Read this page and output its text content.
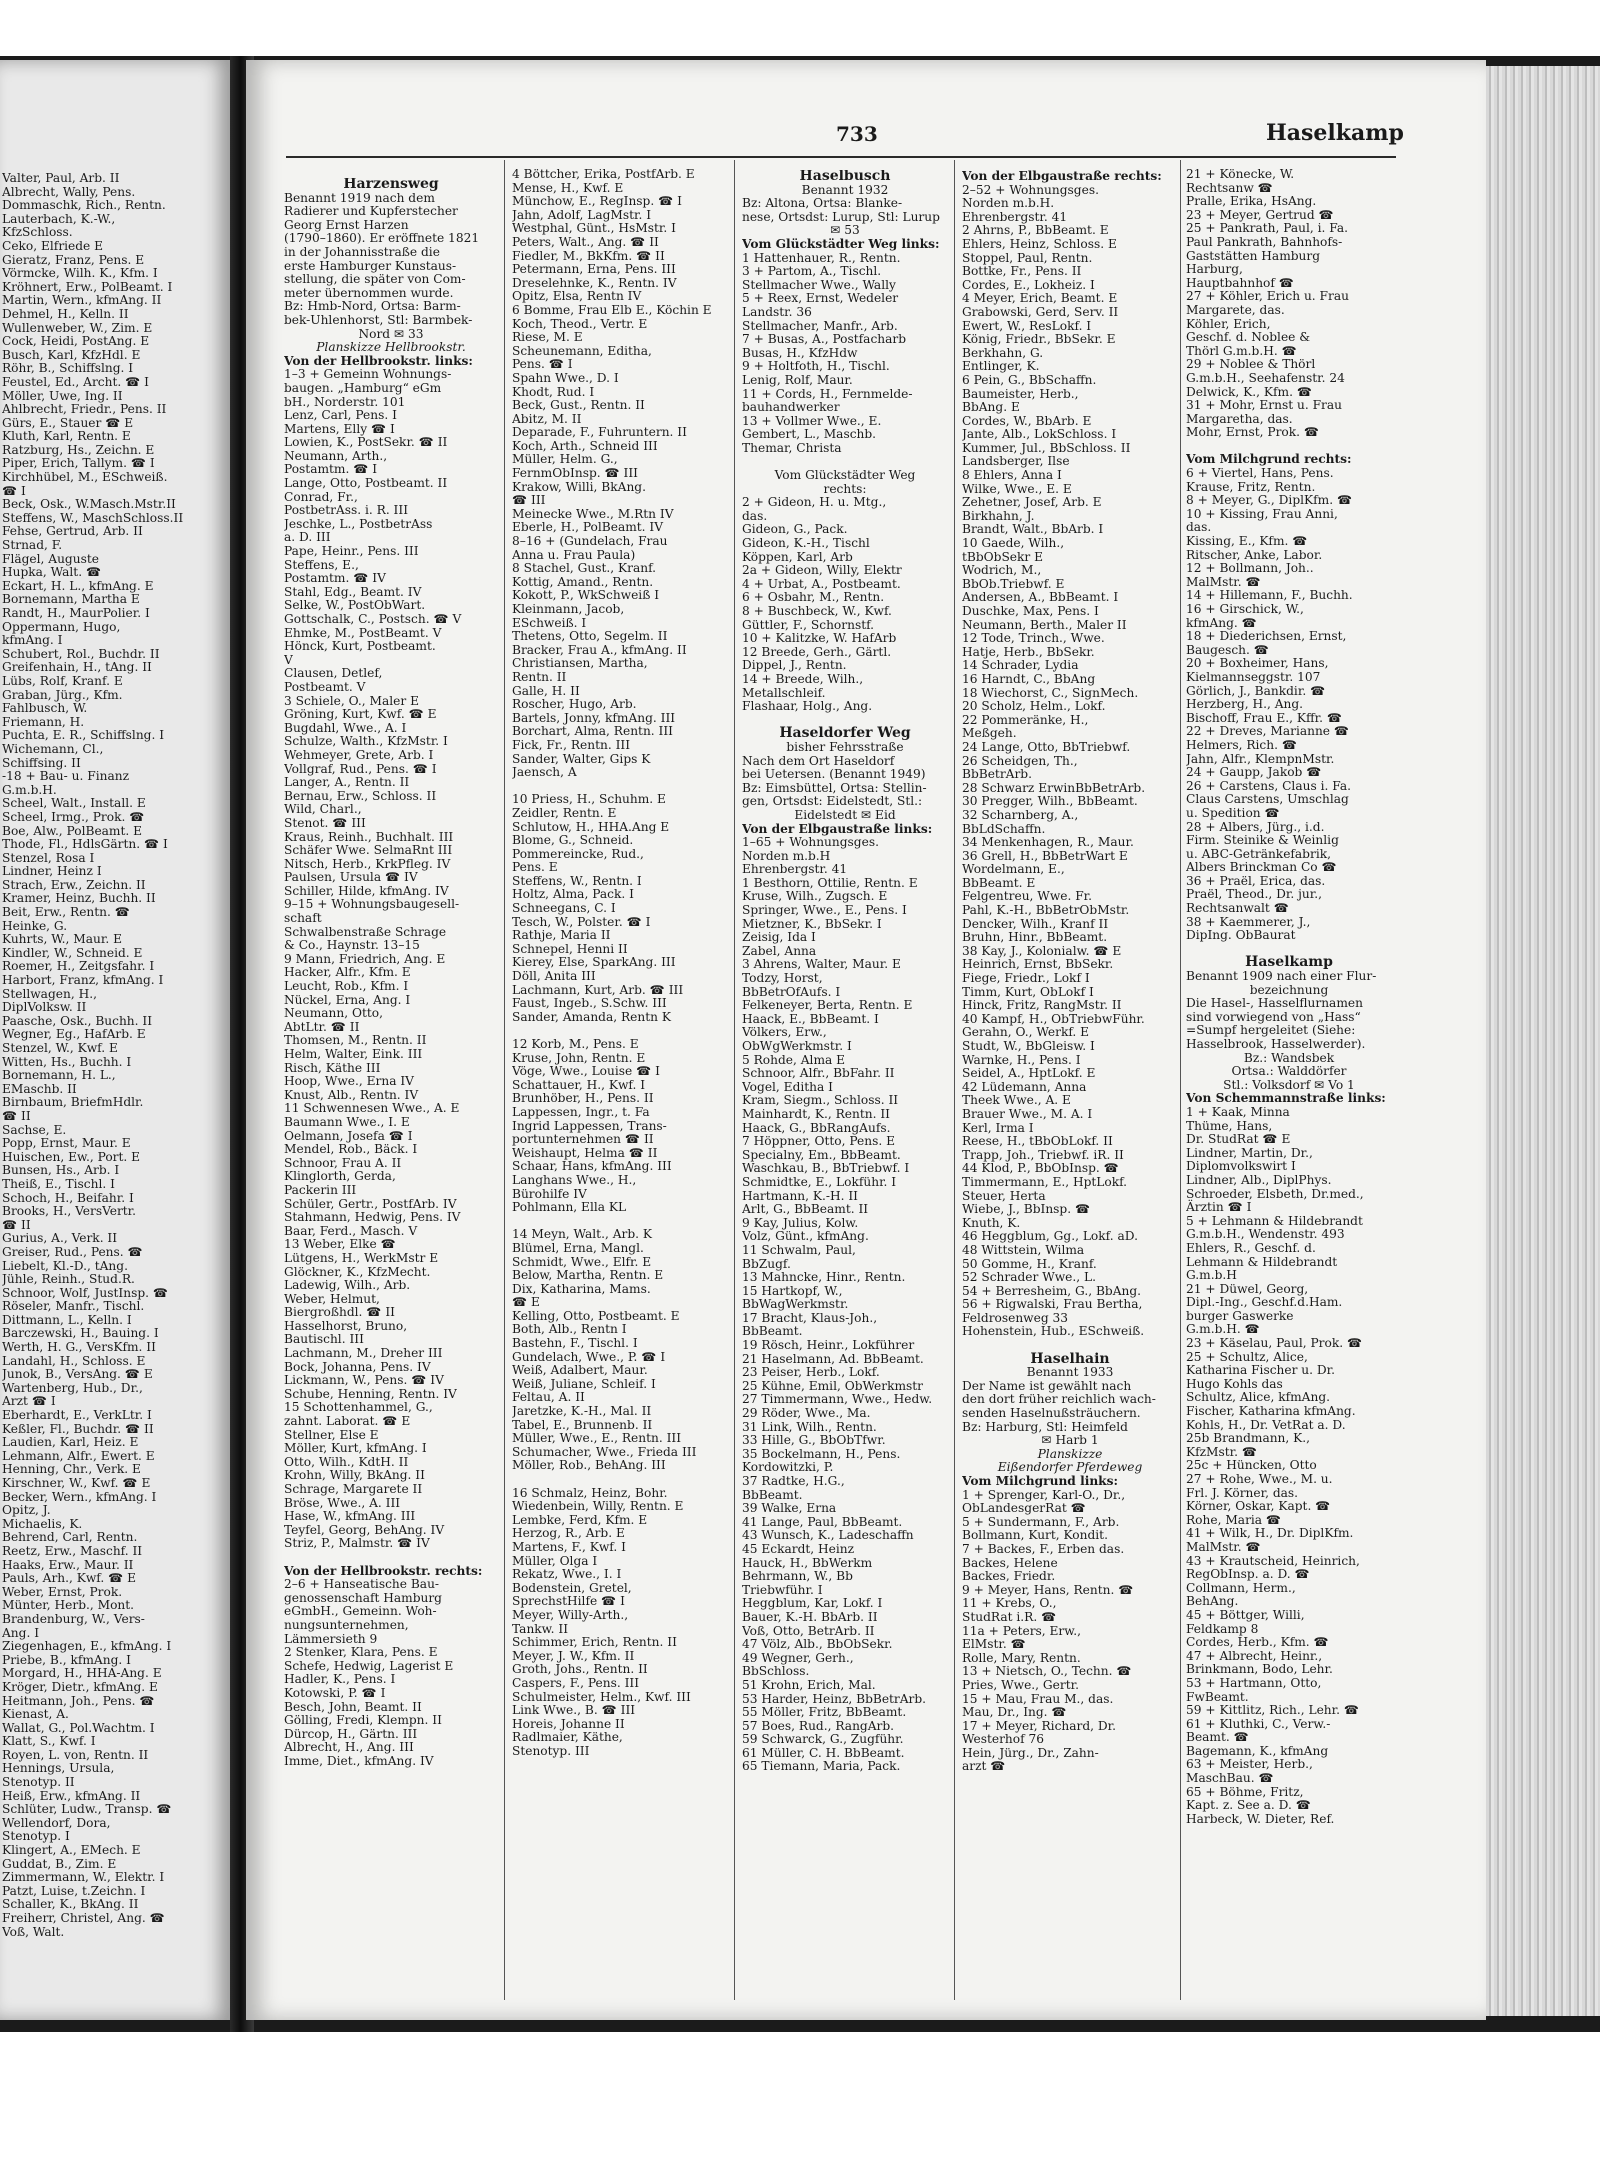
Valter, Paul, Arb. II
Albrecht, Wally, Pens.
Dommaschk, Rich., Rentn.
Lauterbach, K.-W.,
KfzSchloss.
Ceko, Elfriede E
Gieratz, Franz, Pens. E
Vörmcke, Wilh. K., Kfm. I
Kröhnert, Erw., PolBeamt. I
Martin, Wern., kfmAng. II
Dehmel, H., Kelln. II
Wullenweber, W., Zim. E
Cock, Heidi, PostAng. E
Busch, Karl, KfzHdl. E
Röhr, B., Schiffslng. I
Feustel, Ed., Archt. ☎ I
Möller, Uwe, Ing. II
Ahlbrecht, Friedr., Pens. II
Gürs, E., Stauer ☎ E
Kluth, Karl, Rentn. E
Ratzburg, Hs., Zeichn. E
Piper, Erich, Tallym. ☎ I
Kirchhübel, M., ESchweiß.
☎ I
Beck, Osk., W.Masch.Mstr.II
Steffens, W., MaschSchloss.II
Fehse, Gertrud, Arb. II
Strnad, F.
Flägel, Auguste
Hupka, Walt. ☎
Eckart, H. L., kfmAng. E
Bornemann, Martha E
Randt, H., MaurPolier. I
Oppermann, Hugo,
kfmAng. I
Schubert, Rol., Buchdr. II
Greifenhain, H., tAng. II
Lübs, Rolf, Kranf. E
Graban, Jürg., Kfm.
Fahlbusch, W.
Friemann, H.
Puchta, E. R., Schiffslng. I
Wichemann, Cl.,
Schiffsing. II
-18 + Bau- u. Finanz
G.m.b.H.
Scheel, Walt., Install. E
Scheel, Irmg., Prok. ☎
Boe, Alw., PolBeamt. E
Thode, Fl., HdlsGärtn. ☎ I
Stenzel, Rosa I
Lindner, Heinz I
Strach, Erw., Zeichn. II
Kramer, Heinz, Buchh. II
Beit, Erw., Rentn. ☎
Heinke, G.
Kuhrts, W., Maur. E
Kindler, W., Schneid. E
Roemer, H., Zeitgsfahr. I
Harbort, Franz, kfmAng. I
Stellwagen, H.,
DiplVolksw. II
Paasche, Osk., Buchh. II
Wegner, Eg., HafArb. E
Stenzel, W., Kwf. E
Witten, Hs., Buchh. I
Bornemann, H. L.,
EMaschb. II
Birnbaum, BriefmHdlr.
☎ II
Sachse, E.
Popp, Ernst, Maur. E
Huischen, Ew., Port. E
Bunsen, Hs., Arb. I
Theiß, E., Tischl. I
Schoch, H., Beifahr. I
Brooks, H., VersVertr.
☎ II
Gurius, A., Verk. II
Greiser, Rud., Pens. ☎
Liebelt, Kl.-D., tAng.
Jühle, Reinh., Stud.R.
Schnoor, Wolf, JustInsp. ☎
Röseler, Manfr., Tischl.
Dittmann, L., Kelln. I
Barczewski, H., Bauing. I
Werth, H. G., VersKfm. II
Landahl, H., Schloss. E
Junok, B., VersAng. ☎ E
Wartenberg, Hub., Dr.,
Arzt ☎ I
Eberhardt, E., VerkLtr. I
Keßler, Fl., Buchdr. ☎ II
Laudien, Karl, Heiz. E
Lehmann, Alfr., Ewert. E
Henning, Chr., Verk. E
Kirschner, W., Kwf. ☎ E
Becker, Wern., kfmAng. I
Opitz, J.
Michaelis, K.
Behrend, Carl, Rentn.
Reetz, Erw., Maschf. II
Haaks, Erw., Maur. II
Pauls, Arh., Kwf. ☎ E
Weber, Ernst, Prok.
Münter, Herb., Mont.
Brandenburg, W., Vers-
Ang. I
Ziegenhagen, E., kfmAng. I
Priebe, B., kfmAng. I
Morgard, H., HHA-Ang. E
Kröger, Dietr., kfmAng. E
Heitmann, Joh., Pens. ☎
Kienast, A.
Wallat, G., Pol.Wachtm. I
Klatt, S., Kwf. I
Royen, L. von, Rentn. II
Hennings, Ursula,
Stenotyp. II
Heiß, Erw., kfmAng. II
Schlüter, Ludw., Transp. ☎
Wellendorf, Dora,
Stenotyp. I
Klingert, A., EMech. E
Guddat, B., Zim. E
Zimmermann, W., Elektr. I
Patzt, Luise, t.Zeichn. I
Schaller, K., BkAng. II
Freiherr, Christel, Ang. ☎
Voß, Walt.
733	Haselkamp
Harzensweg
Benannt 1919 nach dem
Radierer und Kupferstecher
Georg Ernst Harzen
(1790–1860). Er eröffnete 1821
in der Johannisstraße die
erste Hamburger Kunstaus-
stellung, die später von Com-
meter übernommen wurde.
Bz: Hmb-Nord, Ortsa: Barm-
bek-Uhlenhorst, Stl: Barmbek-
Nord ✉ 33
Planskizze Hellbrookstr.
Von der Hellbrookstr. links:
1–3 + Gemeinn Wohnungs-
baugen. „Hamburg“ eGm
bH., Norderstr. 101
Lenz, Carl, Pens. I
Martens, Elly ☎ I
Lowien, K., PostSekr. ☎ II
Neumann, Arth.,
Postamtm. ☎ I
Lange, Otto, Postbeamt. II
Conrad, Fr.,
PostbetrAss. i. R. III
Jeschke, L., PostbetrAss
a. D. III
Pape, Heinr., Pens. III
Steffens, E.,
Postamtm. ☎ IV
Stahl, Edg., Beamt. IV
Selke, W., PostObWart.
Gottschalk, C., Postsch. ☎ V
Ehmke, M., PostBeamt. V
Hönck, Kurt, Postbeamt.
V
Clausen, Detlef,
Postbeamt. V
3 Schiele, O., Maler E
Gröning, Kurt, Kwf. ☎ E
Bugdahl, Wwe., A. I
Schulze, Walth., KfzMstr. I
Wehmeyer, Grete, Arb. I
Vollgraf, Rud., Pens. ☎ I
Langer, A., Rentn. II
Bernau, Erw., Schloss. II
Wild, Charl.,
Stenot. ☎ III
Kraus, Reinh., Buchhalt. III
Schäfer Wwe. SelmaRnt III
Nitsch, Herb., KrkPfleg. IV
Paulsen, Ursula ☎ IV
Schiller, Hilde, kfmAng. IV
9–15 + Wohnungsbaugesell-
schaft
Schwalbenstraße Schrage
& Co., Haynstr. 13–15
9 Mann, Friedrich, Ang. E
Hacker, Alfr., Kfm. E
Leucht, Rob., Kfm. I
Nückel, Erna, Ang. I
Neumann, Otto,
AbtLtr. ☎ II
Thomsen, M., Rentn. II
Helm, Walter, Eink. III
Risch, Käthe III
Hoop, Wwe., Erna IV
Knust, Alb., Rentn. IV
11 Schwennesen Wwe., A. E
Baumann Wwe., I. E
Oelmann, Josefa ☎ I
Mendel, Rob., Bäck. I
Schnoor, Frau A. II
Klinglorth, Gerda,
Packerin III
Schüler, Gertr., PostfArb. IV
Stahmann, Hedwig, Pens. IV
Baar, Ferd., Masch. V
13 Weber, Elke ☎
Lütgens, H., WerkMstr E
Glöckner, K., KfzMecht.
Ladewig, Wilh., Arb.
Weber, Helmut,
Biergroßhdl. ☎ II
Hasselhorst, Bruno,
Bautischl. III
Lachmann, M., Dreher III
Bock, Johanna, Pens. IV
Lickmann, W., Pens. ☎ IV
Schube, Henning, Rentn. IV
15 Schottenhammel, G.,
zahnt. Laborat. ☎ E
Stellner, Else E
Möller, Kurt, kfmAng. I
Otto, Wilh., KdtH. II
Krohn, Willy, BkAng. II
Schrage, Margarete II
Bröse, Wwe., A. III
Hase, W., kfmAng. III
Teyfel, Georg, BehAng. IV
Striz, P., Malmstr. ☎ IV
Von der Hellbrookstr. rechts:
2–6 + Hanseatische Bau-
genossenschaft Hamburg
eGmbH., Gemeinn. Woh-
nungsunternehmen,
Lämmersieth 9
2 Stenker, Klara, Pens. E
Schefe, Hedwig, Lagerist E
Hadler, K., Pens. I
Kotowski, P. ☎ I
Besch, John, Beamt. II
Gölling, Fredi, Klempn. II
Dürcop, H., Gärtn. III
Albrecht, H., Ang. III
Imme, Diet., kfmAng. IV
4 Böttcher, Erika, PostfArb. E
Mense, H., Kwf. E
Münchow, E., RegInsp. ☎ I
Jahn, Adolf, LagMstr. I
Westphal, Günt., HsMstr. I
Peters, Walt., Ang. ☎ II
Fiedler, M., BkKfm. ☎ II
Petermann, Erna, Pens. III
Dreselehnke, K., Rentn. IV
Opitz, Elsa, Rentn IV
6 Bomme, Frau Elb E., Köchin E
Koch, Theod., Vertr. E
Riese, M. E
Scheunemann, Editha,
Pens. ☎ I
Spahn Wwe., D. I
Khodt, Rud. I
Beck, Gust., Rentn. II
Abitz, M. II
Deparade, F., Fuhruntern. II
Koch, Arth., Schneid III
Müller, Helm. G.,
FernmObInsp. ☎ III
Krakow, Willi, BkAng.
☎ III
Meinecke Wwe., M.Rtn IV
Eberle, H., PolBeamt. IV
8–16 + (Gundelach, Frau
Anna u. Frau Paula)
8 Stachel, Gust., Kranf.
Kottig, Amand., Rentn.
Kokott, P., WkSchweiß I
Kleinmann, Jacob,
ESchweiß. I
Thetens, Otto, Segelm. II
Bracker, Frau A., kfmAng. II
Christiansen, Martha,
Rentn. II
Galle, H. II
Roscher, Hugo, Arb.
Bartels, Jonny, kfmAng. III
Borchart, Alma, Rentn. III
Fick, Fr., Rentn. III
Sander, Walter, Gips K
Jaensch, A
10 Priess, H., Schuhm. E
Zeidler, Rentn. E
Schlutow, H., HHA.Ang E
Blome, G., Schneid.
Pommereincke, Rud.,
Pens. E
Steffens, W., Rentn. I
Holtz, Alma, Pack. I
Schneegans, C. I
Tesch, W., Polster. ☎ I
Rathje, Maria II
Schnepel, Henni II
Kierey, Else, SparkAng. III
Döll, Anita III
Lachmann, Kurt, Arb. ☎ III
Faust, Ingeb., S.Schw. III
Sander, Amanda, Rentn K
12 Korb, M., Pens. E
Kruse, John, Rentn. E
Vöge, Wwe., Louise ☎ I
Schattauer, H., Kwf. I
Brunhöber, H., Pens. II
Lappessen, Ingr., t. Fa
Ingrid Lappessen, Trans-
portunternehmen ☎ II
Weishaupt, Helma ☎ II
Schaar, Hans, kfmAng. III
Langhans Wwe., H.,
Bürohilfe IV
Pohlmann, Ella KL
14 Meyn, Walt., Arb. K
Blümel, Erna, Mangl.
Schmidt, Wwe., Elfr. E
Below, Martha, Rentn. E
Dix, Katharina, Mams.
☎ E
Kelling, Otto, Postbeamt. E
Both, Alb., Rentn I
Bastehn, F., Tischl. I
Gundelach, Wwe., P. ☎ I
Weiß, Adalbert, Maur.
Weiß, Juliane, Schleif. I
Feltau, A. II
Jaretzke, K.-H., Mal. II
Tabel, E., Brunnenb. II
Müller, Wwe., E., Rentn. III
Schumacher, Wwe., Frieda III
Möller, Rob., BehAng. III
16 Schmalz, Heinz, Bohr.
Wiedenbein, Willy, Rentn. E
Lembke, Ferd, Kfm. E
Herzog, R., Arb. E
Martens, F., Kwf. I
Müller, Olga I
Rekatz, Wwe., I. I
Bodenstein, Gretel,
SprechstHilfe ☎ I
Meyer, Willy-Arth.,
Tankw. II
Schimmer, Erich, Rentn. II
Meyer, J. W., Kfm. II
Groth, Johs., Rentn. II
Caspers, F., Pens. III
Schulmeister, Helm., Kwf. III
Link Wwe., B. ☎ III
Horeis, Johanne II
Radlmaier, Käthe,
Stenotyp. III
Haselbusch
Benannt 1932
Bz: Altona, Ortsa: Blanke-
nese, Ortsdst: Lurup, Stl: Lurup
✉ 53
Vom Glückstädter Weg links:
1 Hattenhauer, R., Rentn.
3 + Partom, A., Tischl.
Stellmacher Wwe., Wally
5 + Reex, Ernst, Wedeler
Landstr. 36
Stellmacher, Manfr., Arb.
7 + Busas, A., Postfacharb
Busas, H., KfzHdw
9 + Holtfoth, H., Tischl.
Lenig, Rolf, Maur.
11 + Cords, H., Fernmelde-
bauhandwerker
13 + Vollmer Wwe., E.
Gembert, L., Maschb.
Themar, Christa
Vom Glückstädter Weg
rechts:
2 + Gideon, H. u. Mtg.,
das.
Gideon, G., Pack.
Gideon, K.-H., Tischl
Köppen, Karl, Arb
2a + Gideon, Willy, Elektr
4 + Urbat, A., Postbeamt.
6 + Osbahr, M., Rentn.
8 + Buschbeck, W., Kwf.
Güttler, F., Schornstf.
10 + Kalitzke, W. HafArb
12 Breede, Gerh., Gärtl.
Dippel, J., Rentn.
14 + Breede, Wilh.,
Metallschleif.
Flashaar, Holg., Ang.
Haseldorfer Weg
bisher Fehrsstraße
Nach dem Ort Haseldorf
bei Uetersen. (Benannt 1949)
Bz: Eimsbüttel, Ortsa: Stellin-
gen, Ortsdst: Eidelstedt, Stl.:
Eidelstedt ✉ Eid
Von der Elbgaustraße links:
1–65 + Wohnungsges.
Norden m.b.H
Ehrenbergstr. 41
1 Besthorn, Ottilie, Rentn. E
Kruse, Wilh., Zugsch. E
Springer, Wwe., E., Pens. I
Mietzner, K., BbSekr. I
Zeisig, Ida I
Zabel, Anna
3 Ahrens, Walter, Maur. E
Todzy, Horst,
BbBetrOfAufs. I
Felkeneyer, Berta, Rentn. E
Haack, E., BbBeamt. I
Völkers, Erw.,
ObWgWerkmstr. I
5 Rohde, Alma E
Schnoor, Alfr., BbFahr. II
Vogel, Editha I
Kram, Siegm., Schloss. II
Mainhardt, K., Rentn. II
Haack, G., BbRangAufs.
7 Höppner, Otto, Pens. E
Specialny, Em., BbBeamt.
Waschkau, B., BbTriebwf. I
Schmidtke, E., Lokführ. I
Hartmann, K.-H. II
Arlt, G., BbBeamt. II
9 Kay, Julius, Kolw.
Volz, Günt., kfmAng.
11 Schwalm, Paul,
BbZugf.
13 Mahncke, Hinr., Rentn.
15 Hartkopf, W.,
BbWagWerkmstr.
17 Bracht, Klaus-Joh.,
BbBeamt.
19 Rösch, Heinr., Lokführer
21 Haselmann, Ad. BbBeamt.
23 Peiser, Herb., Lokf.
25 Kühne, Emil, ObWerkmstr
27 Timmermann, Wwe., Hedw.
29 Röder, Wwe., Ma.
31 Link, Wilh., Rentn.
33 Hille, G., BbObTfwr.
35 Bockelmann, H., Pens.
Kordowitzki, P.
37 Radtke, H.G.,
BbBeamt.
39 Walke, Erna
41 Lange, Paul, BbBeamt.
43 Wunsch, K., Ladeschaffn
45 Eckardt, Heinz
Hauck, H., BbWerkm
Behrmann, W., Bb
Triebwführ. I
Heggblum, Kar, Lokf. I
Bauer, K.-H. BbArb. II
Voß, Otto, BetrArb. II
47 Völz, Alb., BbObSekr.
49 Wegner, Gerh.,
BbSchloss.
51 Krohn, Erich, Mal.
53 Harder, Heinz, BbBetrArb.
55 Möller, Fritz, BbBeamt.
57 Boes, Rud., RangArb.
59 Schwarck, G., Zugführ.
61 Müller, C. H. BbBeamt.
65 Tiemann, Maria, Pack.
Von der Elbgaustraße rechts:
2–52 + Wohnungsges.
Norden m.b.H.
Ehrenbergstr. 41
2 Ahrns, P., BbBeamt. E
Ehlers, Heinz, Schloss. E
Stoppel, Paul, Rentn.
Bottke, Fr., Pens. II
Cordes, E., Lokheiz. I
4 Meyer, Erich, Beamt. E
Grabowski, Gerd, Serv. II
Ewert, W., ResLokf. I
König, Friedr., BbSekr. E
Berkhahn, G.
Entlinger, K.
6 Pein, G., BbSchaffn.
Baumeister, Herb.,
BbAng. E
Cordes, W., BbArb. E
Jante, Alb., LokSchloss. I
Kummer, Jul., BbSchloss. II
Landsberger, Ilse
8 Ehlers, Anna I
Wilke, Wwe., E. E
Zehetner, Josef, Arb. E
Birkhahn, J.
Brandt, Walt., BbArb. I
10 Gaede, Wilh.,
tBbObSekr E
Wodrich, M.,
BbOb.Triebwf. E
Andersen, A., BbBeamt. I
Duschke, Max, Pens. I
Neumann, Berth., Maler II
12 Tode, Trinch., Wwe.
Hatje, Herb., BbSekr.
14 Schrader, Lydia
16 Harndt, C., BbAng
18 Wiechorst, C., SignMech.
20 Scholz, Helm., Lokf.
22 Pommeränke, H.,
Meßgeh.
24 Lange, Otto, BbTriebwf.
26 Scheidgen, Th.,
BbBetrArb.
28 Schwarz ErwinBbBetrArb.
30 Pregger, Wilh., BbBeamt.
32 Scharnberg, A.,
BbLdSchaffn.
34 Menkenhagen, R., Maur.
36 Grell, H., BbBetrWart E
Wordelmann, E.,
BbBeamt. E
Felgentreu, Wwe. Fr.
Pahl, K.-H., BbBetrObMstr.
Dencker, Wilh., Kranf II
Bruhn, Hinr., BbBeamt.
38 Kay, J., Kolonialw. ☎ E
Heinrich, Ernst, BbSekr.
Fiege, Friedr., Lokf I
Timm, Kurt, ObLokf I
Hinck, Fritz, RangMstr. II
40 Kampf, H., ObTriebwFühr.
Gerahn, O., Werkf. E
Studt, W., BbGleisw. I
Warnke, H., Pens. I
Seidel, A., HptLokf. E
42 Lüdemann, Anna
Theek Wwe., A. E
Brauer Wwe., M. A. I
Kerl, Irma I
Reese, H., tBbObLokf. II
Trapp, Joh., Triebwf. iR. II
44 Klod, P., BbObInsp. ☎
Timmermann, E., HptLokf.
Steuer, Herta
Wiebe, J., BbInsp. ☎
Knuth, K.
46 Heggblum, Gg., Lokf. aD.
48 Wittstein, Wilma
50 Gomme, H., Kranf.
52 Schrader Wwe., L.
54 + Berresheim, G., BbAng.
56 + Rigwalski, Frau Bertha,
Feldrosenweg 33
Hohenstein, Hub., ESchweiß.
Haselhain
Benannt 1933
Der Name ist gewählt nach
den dort früher reichlich wach-
senden Haselnußsträuchern.
Bz: Harburg, Stl: Heimfeld
✉ Harb 1
Planskizze
Eißendorfer Pferdeweg
Vom Milchgrund links:
1 + Sprenger, Karl-O., Dr.,
ObLandesgerRat ☎
5 + Sundermann, F., Arb.
Bollmann, Kurt, Kondit.
7 + Backes, F., Erben das.
Backes, Helene
Backes, Friedr.
9 + Meyer, Hans, Rentn. ☎
11 + Krebs, O.,
StudRat i.R. ☎
11a + Peters, Erw.,
ElMstr. ☎
Rolle, Mary, Rentn.
13 + Nietsch, O., Techn. ☎
Pries, Wwe., Gertr.
15 + Mau, Frau M., das.
Mau, Dr., Ing. ☎
17 + Meyer, Richard, Dr.
Westerhof 76
Hein, Jürg., Dr., Zahn-
arzt ☎
21 + Könecke, W.
Rechtsanw ☎
Pralle, Erika, HsAng.
23 + Meyer, Gertrud ☎
25 + Pankrath, Paul, i. Fa.
Paul Pankrath, Bahnhofs-
Gaststätten Hamburg
Harburg,
Hauptbahnhof ☎
27 + Köhler, Erich u. Frau
Margarete, das.
Köhler, Erich,
Geschf. d. Noblee &
Thörl G.m.b.H. ☎
29 + Noblee & Thörl
G.m.b.H., Seehafenstr. 24
Delwick, K., Kfm. ☎
31 + Mohr, Ernst u. Frau
Margaretha, das.
Mohr, Ernst, Prok. ☎
Vom Milchgrund rechts:
6 + Viertel, Hans, Pens.
Krause, Fritz, Rentn.
8 + Meyer, G., DiplKfm. ☎
10 + Kissing, Frau Anni,
das.
Kissing, E., Kfm. ☎
Ritscher, Anke, Labor.
12 + Bollmann, Joh..
MalMstr. ☎
14 + Hillemann, F., Buchh.
16 + Girschick, W.,
kfmAng. ☎
18 + Diederichsen, Ernst,
Baugesch. ☎
20 + Boxheimer, Hans,
Kielmannseggstr. 107
Görlich, J., Bankdir. ☎
Herzberg, H., Ang.
Bischoff, Frau E., Kffr. ☎
22 + Dreves, Marianne ☎
Helmers, Rich. ☎
Jahn, Alfr., KlempnMstr.
24 + Gaupp, Jakob ☎
26 + Carstens, Claus i. Fa.
Claus Carstens, Umschlag
u. Spedition ☎
28 + Albers, Jürg., i.d.
Firm. Steinike & Weinlig
u. ABC-Getränkefabrik,
Albers Brinckman Co ☎
36 + Praël, Erica, das.
Praël, Theod., Dr. jur.,
Rechtsanwalt ☎
38 + Kaemmerer, J.,
DipIng. ObBaurat
Haselkamp
Benannt 1909 nach einer Flur-
bezeichnung
Die Hasel-, Hasselflurnamen
sind vorwiegend von „Hass“
=Sumpf hergeleitet (Siehe:
Hasselbrook, Hasselwerder).
Bz.: Wandsbek
Ortsa.: Walddörfer
Stl.: Volksdorf ✉ Vo 1
Von Schemmannstraße links:
1 + Kaak, Minna
Thüme, Hans,
Dr. StudRat ☎ E
Lindner, Martin, Dr.,
Diplomvolkswirt I
Lindner, Alb., DiplPhys.
Schroeder, Elsbeth, Dr.med.,
Ärztin ☎ I
5 + Lehmann & Hildebrandt
G.m.b.H., Wendenstr. 493
Ehlers, R., Geschf. d.
Lehmann & Hildebrandt
G.m.b.H
21 + Düwel, Georg,
Dipl.-Ing., Geschf.d.Ham.
burger Gaswerke
G.m.b.H. ☎
23 + Käselau, Paul, Prok. ☎
25 + Schultz, Alice,
Katharina Fischer u. Dr.
Hugo Kohls das
Schultz, Alice, kfmAng.
Fischer, Katharina kfmAng.
Kohls, H., Dr. VetRat a. D.
25b Brandmann, K.,
KfzMstr. ☎
25c + Hüncken, Otto
27 + Rohe, Wwe., M. u.
Frl. J. Körner, das.
Körner, Oskar, Kapt. ☎
Rohe, Maria ☎
41 + Wilk, H., Dr. DiplKfm.
MalMstr. ☎
43 + Krautscheid, Heinrich,
RegObInsp. a. D. ☎
Collmann, Herm.,
BehAng.
45 + Böttger, Willi,
Feldkamp 8
Cordes, Herb., Kfm. ☎
47 + Albrecht, Heinr.,
Brinkmann, Bodo, Lehr.
53 + Hartmann, Otto,
FwBeamt.
59 + Kittlitz, Rich., Lehr. ☎
61 + Kluthki, C., Verw.-
Beamt. ☎
Bagemann, K., kfmAng
63 + Meister, Herb.,
MaschBau. ☎
65 + Böhme, Fritz,
Kapt. z. See a. D. ☎
Harbeck, W. Dieter, Ref.
